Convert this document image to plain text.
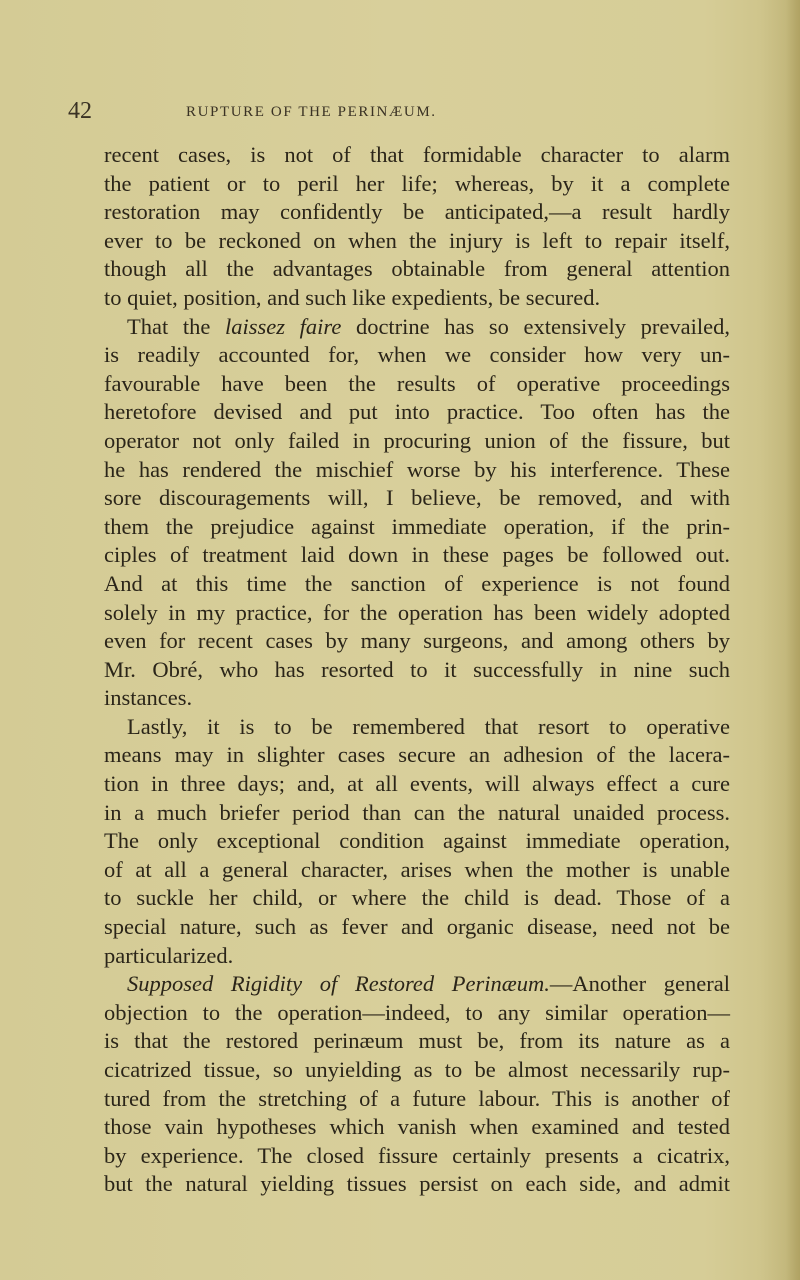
42	RUPTURE OF THE PERINÆUM.
recent cases, is not of that formidable character to alarm
the patient or to peril her life; whereas, by it a complete
restoration may confidently be anticipated,—a result hardly
ever to be reckoned on when the injury is left to repair itself,
though all the advantages obtainable from general attention
to quiet, position, and such like expedients, be secured.
That the laissez faire doctrine has so extensively prevailed,
is readily accounted for, when we consider how very un-
favourable have been the results of operative proceedings
heretofore devised and put into practice. Too often has the
operator not only failed in procuring union of the fissure, but
he has rendered the mischief worse by his interference. These
sore discouragements will, I believe, be removed, and with
them the prejudice against immediate operation, if the prin-
ciples of treatment laid down in these pages be followed out.
And at this time the sanction of experience is not found
solely in my practice, for the operation has been widely adopted
even for recent cases by many surgeons, and among others by
Mr. Obré, who has resorted to it successfully in nine such
instances.
Lastly, it is to be remembered that resort to operative
means may in slighter cases secure an adhesion of the lacera-
tion in three days; and, at all events, will always effect a cure
in a much briefer period than can the natural unaided process.
The only exceptional condition against immediate operation,
of at all a general character, arises when the mother is unable
to suckle her child, or where the child is dead. Those of a
special nature, such as fever and organic disease, need not be
particularized.
Supposed Rigidity of Restored Perinæum.—Another general
objection to the operation—indeed, to any similar operation—
is that the restored perinæum must be, from its nature as a
cicatrized tissue, so unyielding as to be almost necessarily rup-
tured from the stretching of a future labour. This is another of
those vain hypotheses which vanish when examined and tested
by experience. The closed fissure certainly presents a cicatrix,
but the natural yielding tissues persist on each side, and admit
